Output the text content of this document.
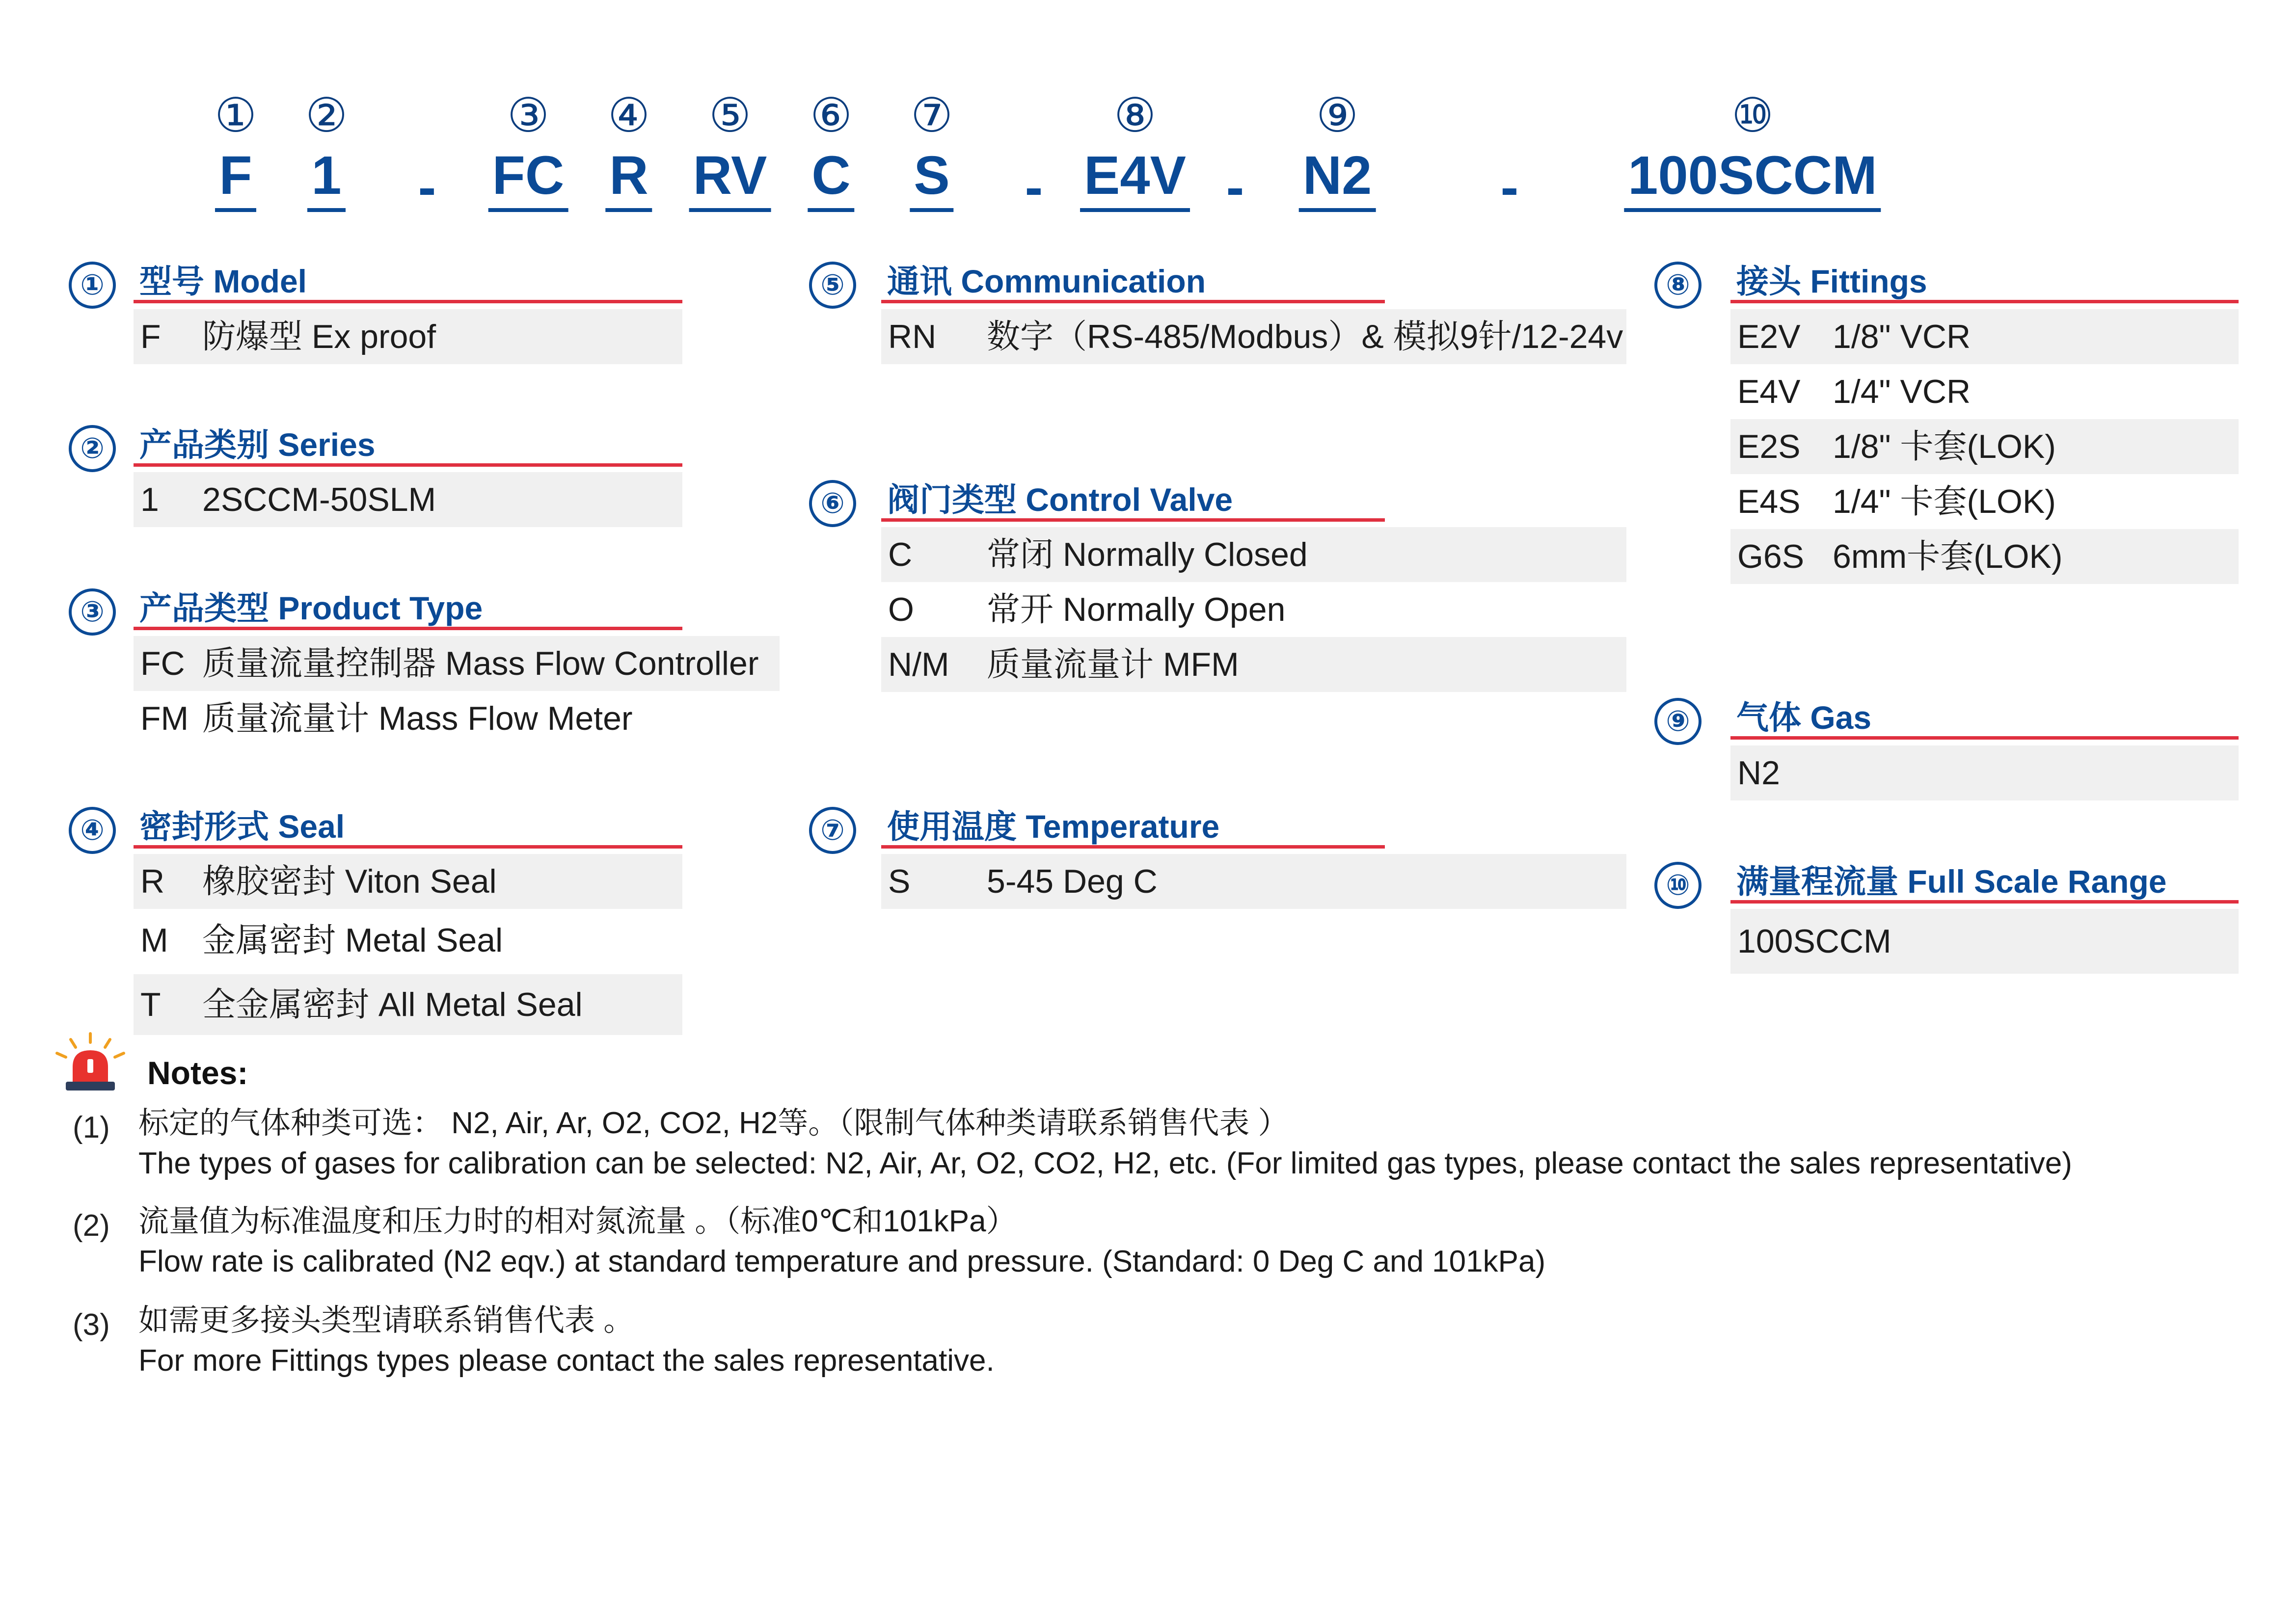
①
F
②
1 -
③
FC
④
R
⑤
RV
⑥
C
⑦
S -
⑧
E4V -
⑨
N2 -
⑩
100SCCM
①	型号 Model
F 防爆型 Ex proof
②	产品类别 Series
1 2SCCM-50SLM
③	产品类型 Product Type
FC 质量流量控制器 Mass Flow Controller
FM 质量流量计 Mass Flow Meter
④	密封形式 Seal
R 橡胶密封 Viton Seal
M 金属密封 Metal Seal
T 全金属密封 All Metal Seal
⑤	通讯 Communication
RN 数字（RS-485/Modbus）& 模拟9针/12-24v
⑥	阀门类型 Control Valve
C 常闭 Normally Closed
O 常开 Normally Open
N/M 质量流量计 MFM
⑦	使用温度 Temperature
S 5-45 Deg C
⑧	接头 Fittings
E2V 1/8" VCR
E4V 1/4" VCR
E2S 1/8" 卡套(LOK)
E4S 1/4" 卡套(LOK)
G6S 6mm卡套(LOK)
⑨	气体 Gas
N2
⑩	满量程流量 Full Scale Range
100SCCM
Notes:
(1) 标定的气体种类可选： N2, Air, Ar, O2, CO2, H2等。（限制气体种类请联系销售代表 ）
The types of gases for calibration can be selected: N2, Air, Ar, O2, CO2, H2, etc. (For limited gas types, please contact the sales representative)
(2) 流量值为标准温度和压力时的相对氮流量 。（标准0℃和101kPa）
Flow rate is calibrated (N2 eqv.) at standard temperature and pressure. (Standard: 0 Deg C and 101kPa)
(3) 如需更多接头类型请联系销售代表 。
For more Fittings types please contact the sales representative.
